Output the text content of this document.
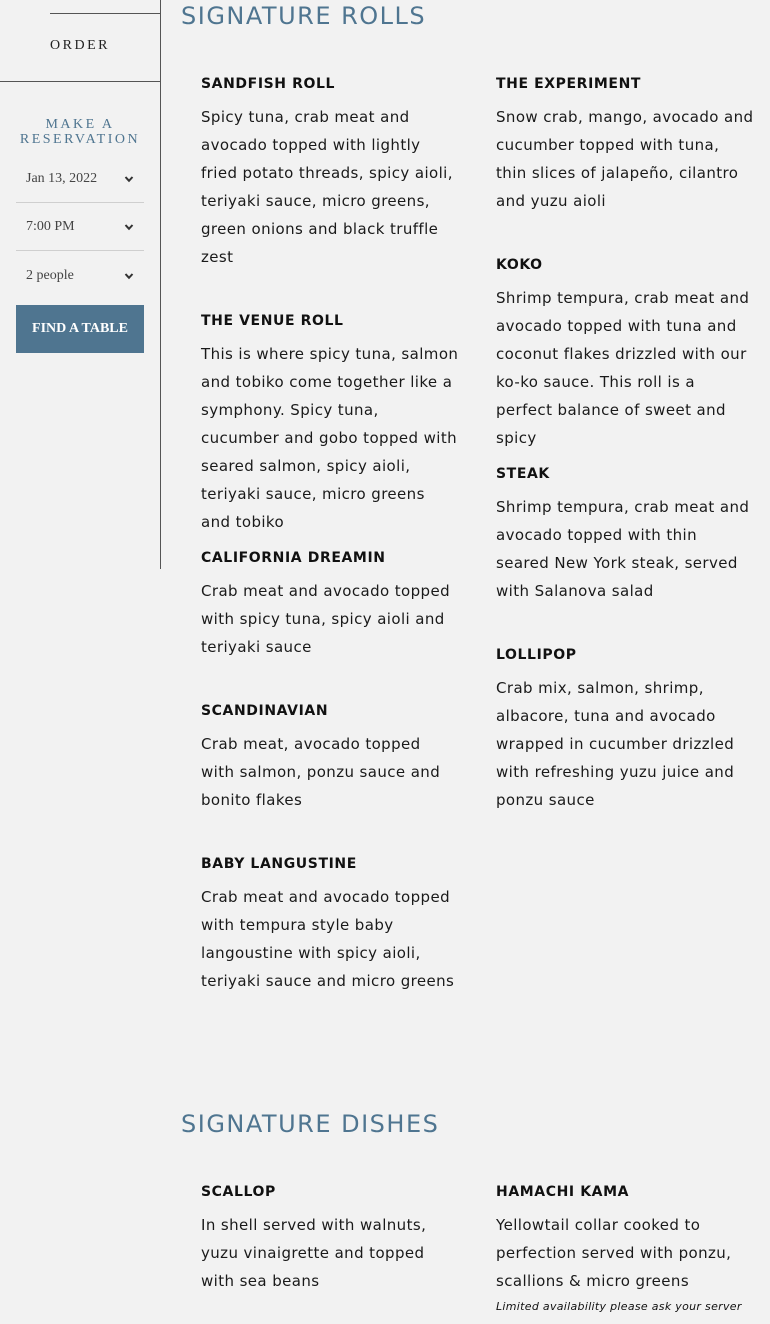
ORDER
MAKE A RESERVATION
Jan 13, 2022
7:00 PM
2 people
FIND A TABLE
SIGNATURE ROLLS
SANDFISH ROLL
Spicy tuna, crab meat and avocado topped with lightly fried potato threads, spicy aioli, teriyaki sauce, micro greens, green onions and black truffle zest
THE VENUE ROLL
This is where spicy tuna, salmon and tobiko come together like a symphony. Spicy tuna, cucumber and gobo topped with seared salmon, spicy aioli, teriyaki sauce, micro greens and tobiko
CALIFORNIA DREAMIN
Crab meat and avocado topped with spicy tuna, spicy aioli and teriyaki sauce
SCANDINAVIAN
Crab meat, avocado topped with salmon, ponzu sauce and bonito flakes
BABY LANGUSTINE
Crab meat and avocado topped with tempura style baby langoustine with spicy aioli, teriyaki sauce and micro greens
THE EXPERIMENT
Snow crab, mango, avocado and cucumber topped with tuna, thin slices of jalapeño, cilantro and yuzu aioli
KOKO
Shrimp tempura, crab meat and avocado topped with tuna and coconut flakes drizzled with our ko-ko sauce. This roll is a perfect balance of sweet and spicy
STEAK
Shrimp tempura, crab meat and avocado topped with thin seared New York steak, served with Salanova salad
LOLLIPOP
Crab mix, salmon, shrimp, albacore, tuna and avocado wrapped in cucumber drizzled with refreshing yuzu juice and ponzu sauce
SIGNATURE DISHES
SCALLOP
In shell served with walnuts, yuzu vinaigrette and topped with sea beans
HAMACHI KAMA
Yellowtail collar cooked to perfection served with ponzu, scallions & micro greens
Limited availability please ask your server
